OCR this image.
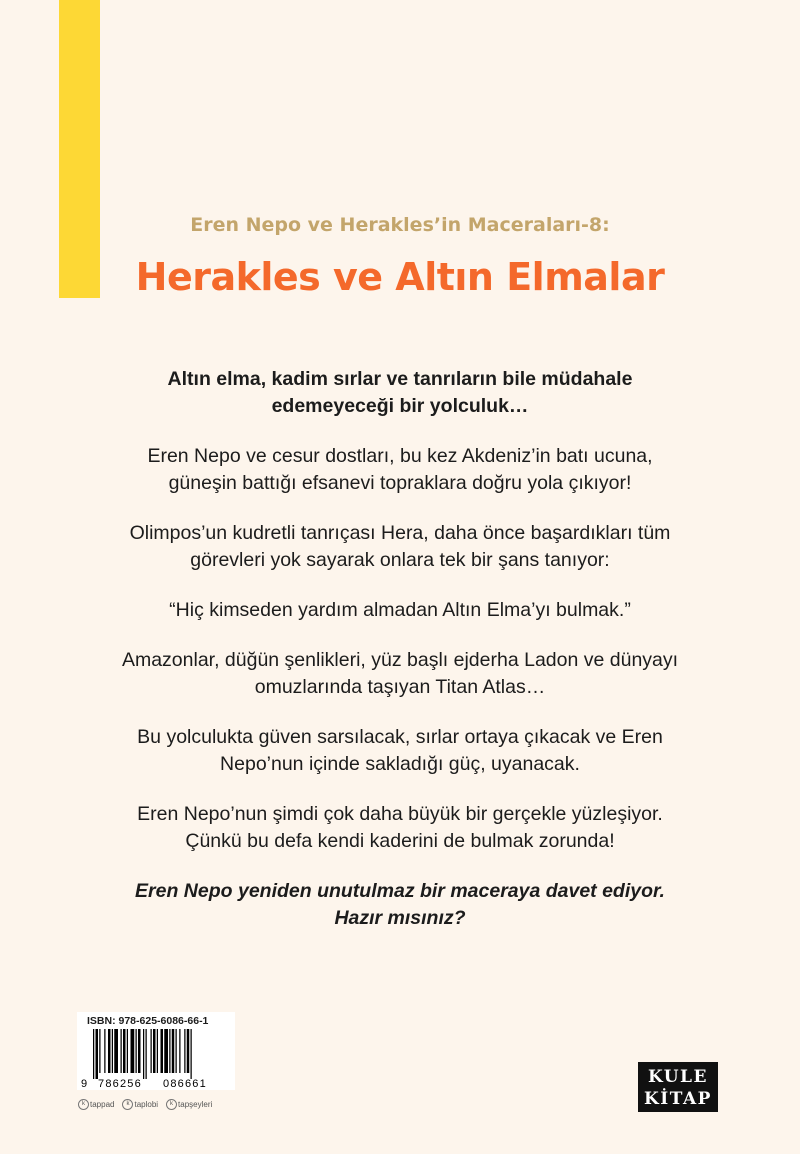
Eren Nepo ve Herakles’in Maceraları-8:
Herakles ve Altın Elmalar

Altın elma, kadim sırlar ve tanrıların bile müdahale
edemeyeceği bir yolculuk…

Eren Nepo ve cesur dostları, bu kez Akdeniz’in batı ucuna,
güneşin battığı efsanevi topraklara doğru yola çıkıyor!

Olimpos’un kudretli tanrıçası Hera, daha önce başardıkları tüm
görevleri yok sayarak onlara tek bir şans tanıyor:

“Hiç kimseden yardım almadan Altın Elma’yı bulmak.”

Amazonlar, düğün şenlikleri, yüz başlı ejderha Ladon ve dünyayı
omuzlarında taşıyan Titan Atlas…

Bu yolculukta güven sarsılacak, sırlar ortaya çıkacak ve Eren
Nepo’nun içinde sakladığı güç, uyanacak.

Eren Nepo’nun şimdi çok daha büyük bir gerçekle yüzleşiyor.
Çünkü bu defa kendi kaderini de bulmak zorunda!

Eren Nepo yeniden unutulmaz bir maceraya davet ediyor.
Hazır mısınız?

ISBN: 978-625-6086-66-1
9 786256 086661
k tappad	k taplobi	k tapşeyleri
KULE
KİTAP
